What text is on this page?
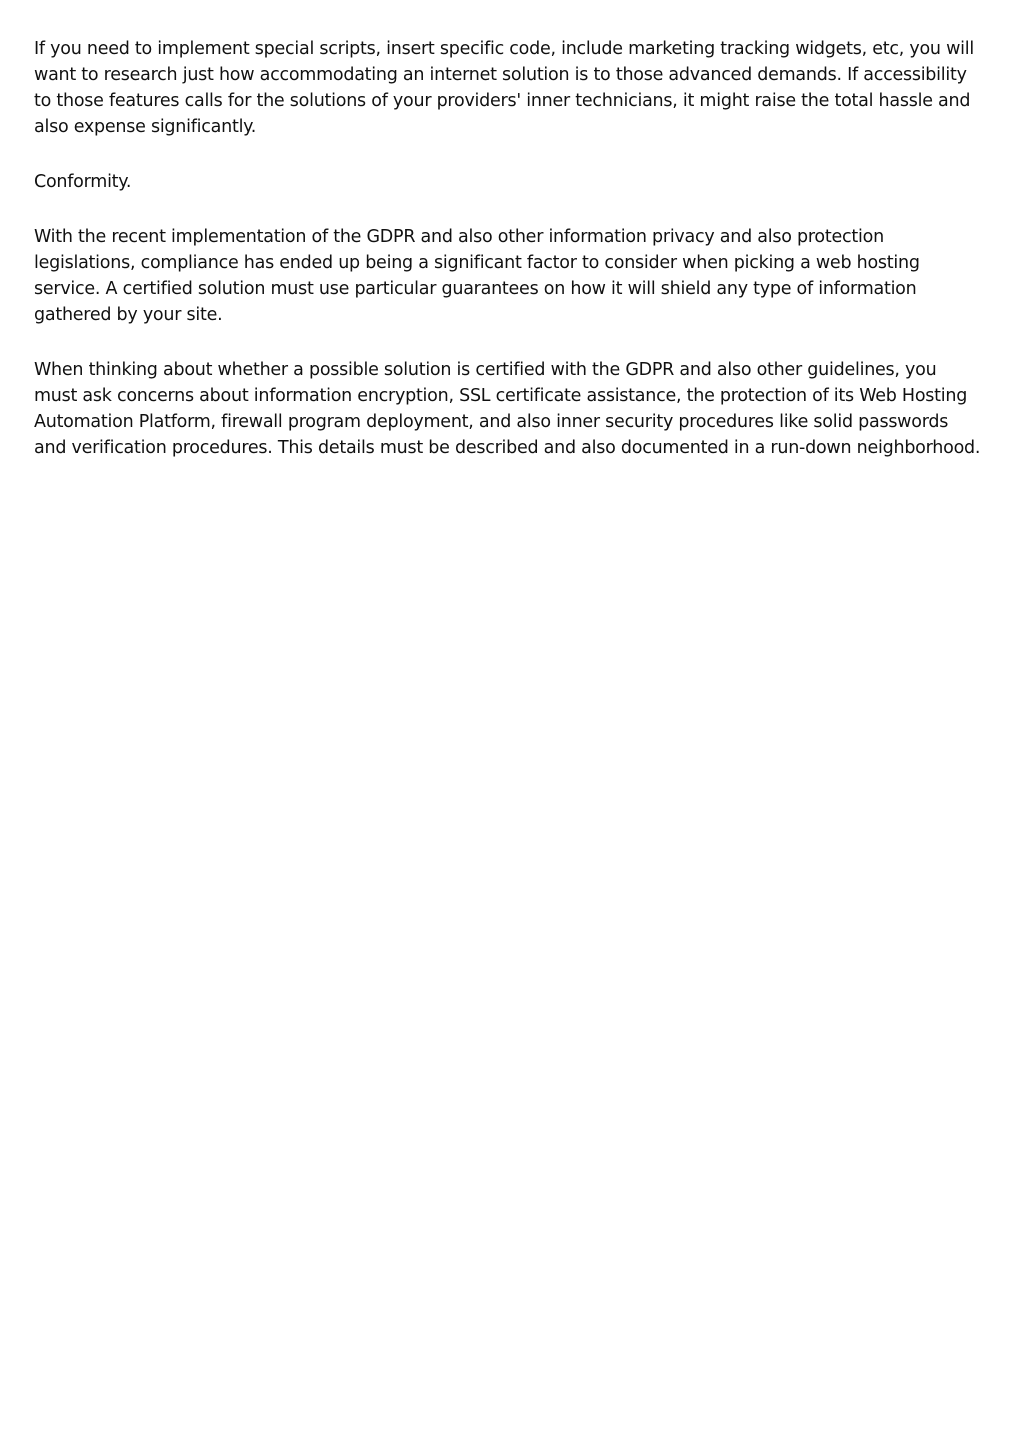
If you need to implement special scripts, insert specific code, include marketing tracking widgets, etc, you will want to research just how accommodating an internet solution is to those advanced demands. If accessibility to those features calls for the solutions of your providers' inner technicians, it might raise the total hassle and also expense significantly.

Conformity.

With the recent implementation of the GDPR and also other information privacy and also protection legislations, compliance has ended up being a significant factor to consider when picking a web hosting service. A certified solution must use particular guarantees on how it will shield any type of information gathered by your site.

When thinking about whether a possible solution is certified with the GDPR and also other guidelines, you must ask concerns about information encryption, SSL certificate assistance, the protection of its Web Hosting Automation Platform, firewall program deployment, and also inner security procedures like solid passwords and verification procedures. This details must be described and also documented in a run-down neighborhood.
